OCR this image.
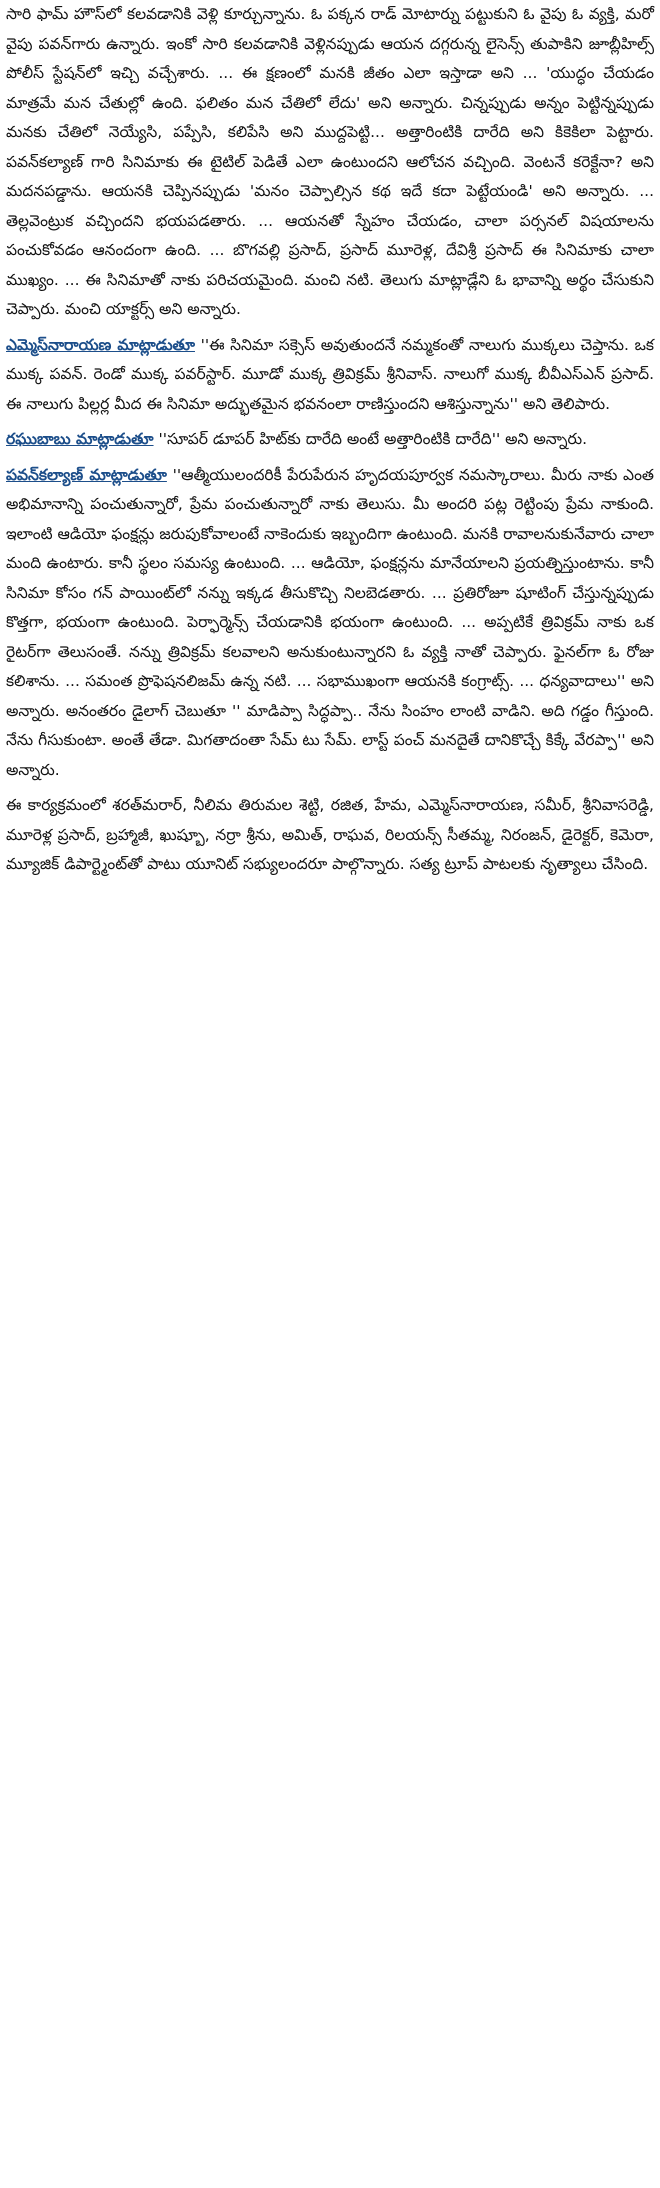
సారి ఫామ్ హౌస్‌లో కలవడానికి వెళ్లి కూర్చున్నాను. ఓ పక్కన రాడ్ మోటార్ను పట్టుకుని ఓ వైపు ఓ వ్యక్తి, మరో వైపు పవన్‌గారు ఉన్నారు. ఇంకో సారి కలవడానికి వెళ్లినప్పుడు ఆయన దగ్గరున్న లైసెన్స్ తుపాకిని జూబ్లీహిల్స్ పోలీస్ స్టేషన్‌లో ఇచ్చి వచ్చేశారు. ... ఈ క్షణంలో మనకి జీతం ఎలా ఇస్తాడా అని ... 'యుద్ధం చేయడం మాత్రమే మన చేతుల్లో ఉంది. ఫలితం మన చేతిలో లేదు' అని అన్నారు. చిన్నప్పుడు అన్నం పెట్టిన్నప్పుడు మనకు చేతిలో నెయ్యేసి, పప్పేసి, కలిపేసి అని ముద్దపెట్టి... అత్తారింటికి దారేది అని కికెకిలా పెట్టారు. పవన్‌కల్యాణ్ గారి సినిమాకు ఈ టైటిల్ పెడితే ఎలా ఉంటుందని ఆలోచన వచ్చింది. వెంటనే కరెక్టేనా? అని మదనపడ్డాను. ఆయనకి చెప్పినప్పుడు 'మనం చెప్పాల్సిన కథ ఇదే కదా పెట్టేయండి' అని అన్నారు. ... తెల్లవెంట్రుక వచ్చిందని భయపడతారు. ... ఆయనతో స్నేహం చేయడం, చాలా పర్సనల్ విషయాలను పంచుకోవడం ఆనందంగా ఉంది. ... బొగవల్లి ప్రసాద్, ప్రసాద్ మూరెళ్ల, దేవిశ్రీ ప్రసాద్ ఈ సినిమాకు చాలా ముఖ్యం. ... ఈ సినిమాతో నాకు పరిచయమైంది. మంచి నటి. తెలుగు మాట్లాడ్లేని ఓ భావాన్ని అర్థం చేసుకుని చెప్పారు. మంచి యాక్టర్స్ అని అన్నారు.

ఎమ్మెస్‌నారాయణ మాట్లాడుతూ ''ఈ సినిమా సక్సెస్ అవుతుందనే నమ్మకంతో నాలుగు ముక్కలు చెప్తాను. ఒక ముక్క పవన్. రెండో ముక్క పవర్‌స్టార్. మూడో ముక్క త్రివిక్రమ్ శ్రీనివాస్. నాలుగో ముక్క బీవీఎస్ఎన్ ప్రసాద్. ఈ నాలుగు పిల్లర్ల మీద ఈ సినిమా అద్భుతమైన భవనంలా రాణిస్తుందని ఆశిస్తున్నాను'' అని తెలిపారు.

రఘుబాబు మాట్లాడుతూ ''సూపర్ డూపర్ హిట్‌కు దారేది అంటే అత్తారింటికి దారేది'' అని అన్నారు.

పవన్‌కల్యాణ్ మాట్లాడుతూ ''ఆత్మీయులందరికీ పేరుపేరున హృదయపూర్వక నమస్కారాలు. మీరు నాకు ఎంత అభిమానాన్ని పంచుతున్నారో, ప్రేమ పంచుతున్నారో నాకు తెలుసు. మీ అందరి పట్ల రెట్టింపు ప్రేమ నాకుంది. ఇలాంటి ఆడియో ఫంక్షన్లు జరుపుకోవాలంటే నాకెందుకు ఇబ్బందిగా ఉంటుంది. మనకి రావాలనుకునేవారు చాలా మంది ఉంటారు. కానీ స్థలం సమస్య ఉంటుంది. ... ఆడియో, ఫంక్షన్లను మానేయాలని ప్రయత్నిస్తుంటాను. కానీ సినిమా కోసం గన్ పాయింట్‌లో నన్ను ఇక్కడ తీసుకొచ్చి నిలబెడతారు. ... ప్రతిరోజూ షూటింగ్ చేస్తున్నప్పుడు కొత్తగా, భయంగా ఉంటుంది. పెర్ఫార్మెన్స్ చేయడానికి భయంగా ఉంటుంది. ... అప్పటికే త్రివిక్రమ్ నాకు ఒక రైటర్‌గా తెలుసంతే. నన్ను త్రివిక్రమ్ కలవాలని అనుకుంటున్నారని ఓ వ్యక్తి నాతో చెప్పారు. ఫైనల్‌గా ఓ రోజు కలిశాను. ... సమంత ప్రొఫెషనలిజమ్ ఉన్న నటి. ... సభాముఖంగా ఆయనకి కంగ్రాట్స్. ... ధన్యవాదాలు'' అని అన్నారు. అనంతరం డైలాగ్ చెబుతూ '' మాడిప్పా సిద్ధప్పా.. నేను సింహం లాంటి వాడిని. అది గడ్డం గీస్తుంది. నేను గీసుకుంటా. అంతే తేడా. మిగతాదంతా సేమ్ టు సేమ్. లాస్ట్ పంచ్ మనదైతే దానికొచ్చే కిక్కే వేరప్పా'' అని అన్నారు.

ఈ కార్యక్రమంలో శరత్‌మరార్, నీలిమ తిరుమల శెట్టి, రజిత, హేమ, ఎమ్మెస్‌నారాయణ, సమీర్, శ్రీనివాసరెడ్డి, మూరెళ్ల ప్రసాద్, బ్రహ్మాజీ, ఖుష్బూ, నర్రా శ్రీను, అమిత్, రాఘవ, రిలయన్స్ సీతమ్మ, నిరంజన్, డైరెక్టర్, కెమెరా, మ్యూజిక్ డిపార్ట్మెంట్‌తో పాటు యూనిట్ సభ్యులందరూ పాల్గొన్నారు. సత్య ట్రూప్ పాటలకు నృత్యాలు చేసింది.
